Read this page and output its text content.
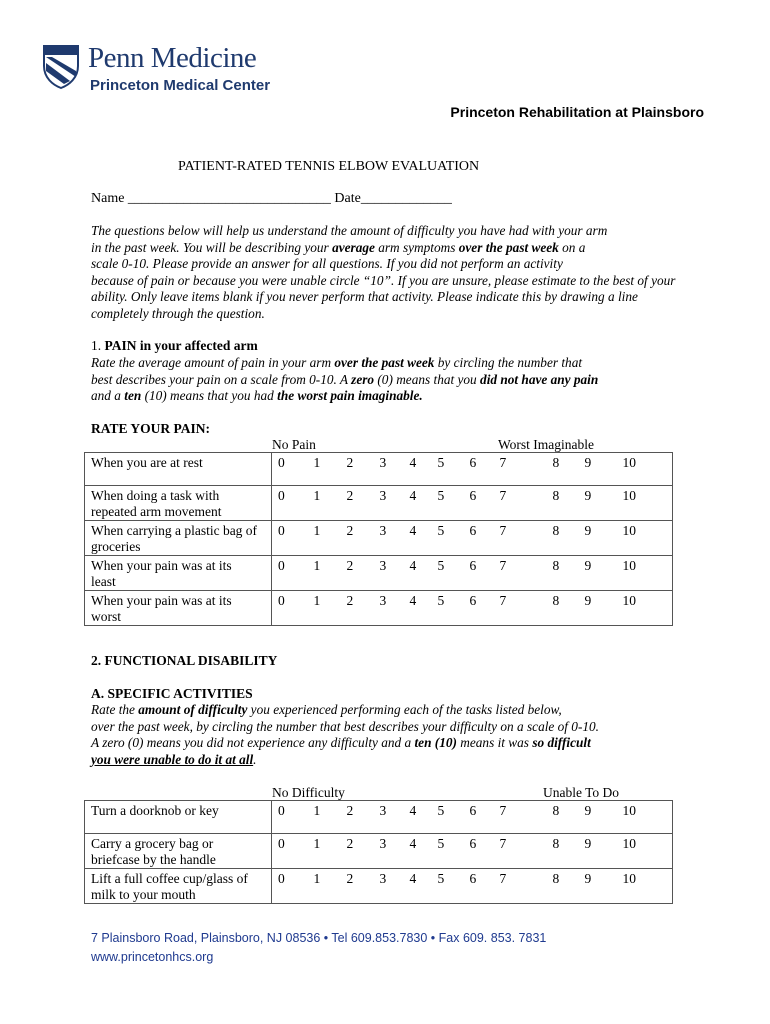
Penn Medicine
Princeton Medical Center
Princeton Rehabilitation at Plainsboro
PATIENT-RATED TENNIS ELBOW EVALUATION
Name _____________________________ Date_____________

The questions below will help us understand the amount of difficulty you have had with your arm

in the past week. You will be describing your average arm symptoms over the past week on a

scale 0-10. Please provide an answer for all questions. If you did not perform an activity

because of pain or because you were unable circle “10”. If you are unsure, please estimate to the best of your

ability. Only leave items blank if you never perform that activity. Please indicate this by drawing a line

completely through the question.

1. PAIN in your affected arm

Rate the average amount of pain in your arm over the past week by circling the number that

best describes your pain on a scale from 0-10. A zero (0) means that you did not have any pain

and a ten (10) means that you had the worst pain imaginable.

RATE YOUR PAIN:
No Pain	Worst Imaginable
When you are at rest	0	1	2	3	4	5	6	7	8	9	10
When doing a task with
repeated arm movement	0	1	2	3	4	5	6	7	8	9	10
When carrying a plastic bag of
groceries	0	1	2	3	4	5	6	7	8	9	10
When your pain was at its
least	0	1	2	3	4	5	6	7	8	9	10
When your pain was at its
worst	0	1	2	3	4	5	6	7	8	9	10
2. FUNCTIONAL DISABILITY
A. SPECIFIC ACTIVITIES

Rate the amount of difficulty you experienced performing each of the tasks listed below,

over the past week, by circling the number that best describes your difficulty on a scale of 0-10.

A zero (0) means you did not experience any difficulty and a ten (10) means it was so difficult

you were unable to do it at all.

No Difficulty	Unable To Do
Turn a doorknob or key	0	1	2	3	4	5	6	7	8	9	10
Carry a grocery bag or
briefcase by the handle	0	1	2	3	4	5	6	7	8	9	10
Lift a full coffee cup/glass of
milk to your mouth	0	1	2	3	4	5	6	7	8	9	10
7 Plainsboro Road, Plainsboro, NJ 08536 • Tel 609.853.7830 • Fax 609. 853. 7831
www.princetonhcs.org
